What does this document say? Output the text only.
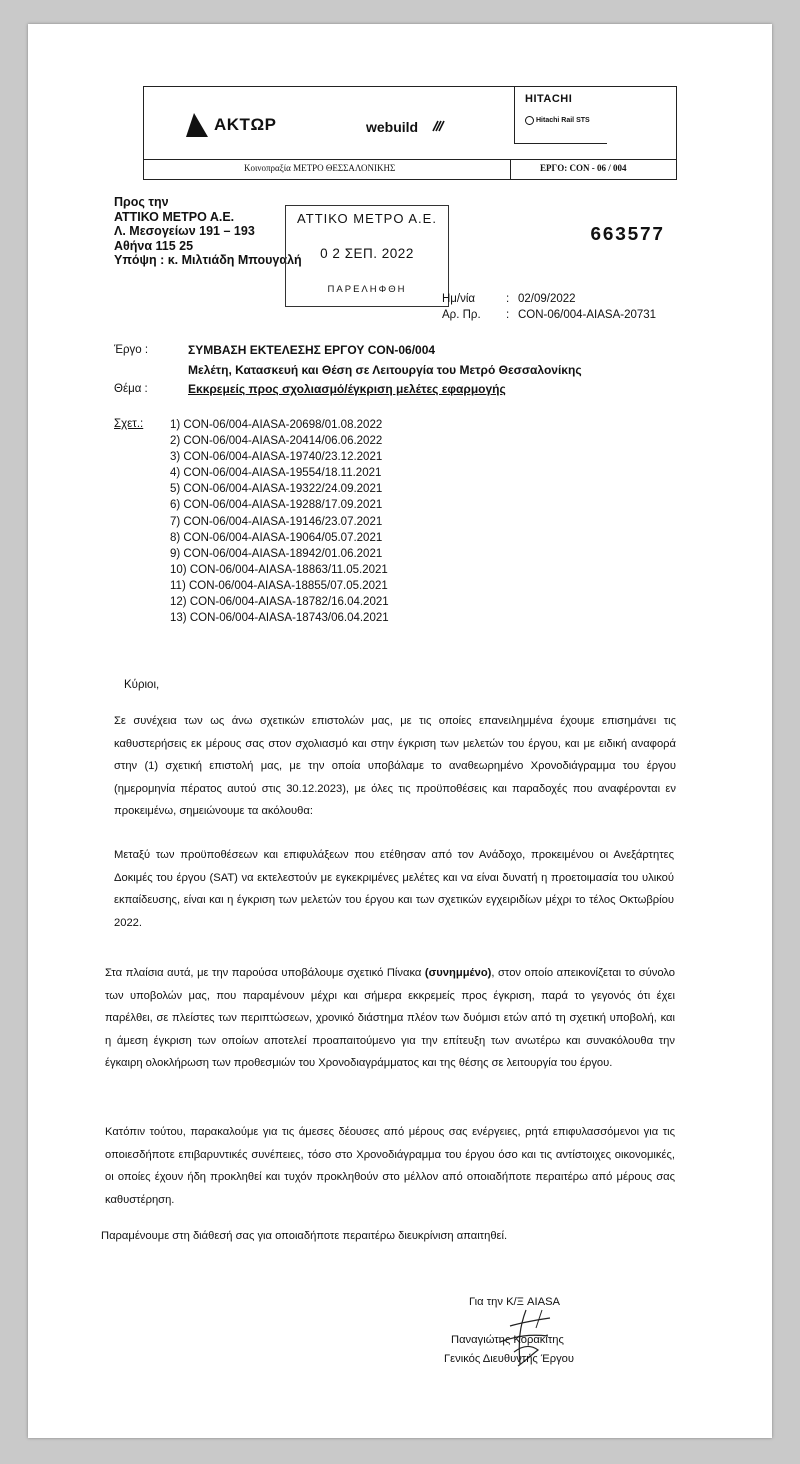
AKTΩP	webuild
HITACHI
Hitachi Rail STS
Κοινοπραξία ΜΕΤΡΟ ΘΕΣΣΑΛΟΝΙΚΗΣ	ΕΡΓΟ: CON - 06 / 004
Προς την
ΑΤΤΙΚΟ ΜΕΤΡΟ Α.Ε.
Λ. Μεσογείων 191 – 193
Αθήνα 115 25
Υπόψη : κ. Μιλτιάδη Μπουγαλή
ΑΤΤΙΚΟ ΜΕΤΡΟ Α.Ε.
0 2 ΣΕΠ. 2022
ΠΑΡΕΛΗΦΘΗ
663577
Ημ/νία	: 02/09/2022
Αρ. Πρ.	: CON-06/004-AIASA-20731
Έργο :	ΣΥΜΒΑΣΗ ΕΚΤΕΛΕΣΗΣ ΕΡΓΟΥ CON-06/004
Μελέτη, Κατασκευή και Θέση σε Λειτουργία του Μετρό Θεσσαλονίκης
Θέμα :	Εκκρεμείς προς σχολιασμό/έγκριση μελέτες εφαρμογής
Σχετ.: 1) CON-06/004-AIASA-20698/01.08.2022
2) CON-06/004-AIASA-20414/06.06.2022
3) CON-06/004-AIASA-19740/23.12.2021
4) CON-06/004-AIASA-19554/18.11.2021
5) CON-06/004-AIASA-19322/24.09.2021
6) CON-06/004-AIASA-19288/17.09.2021
7) CON-06/004-AIASA-19146/23.07.2021
8) CON-06/004-AIASA-19064/05.07.2021
9) CON-06/004-AIASA-18942/01.06.2021
10) CON-06/004-AIASA-18863/11.05.2021
11) CON-06/004-AIASA-18855/07.05.2021
12) CON-06/004-AIASA-18782/16.04.2021
13) CON-06/004-AIASA-18743/06.04.2021
Κύριοι,
Σε συνέχεια των ως άνω σχετικών επιστολών μας, με τις οποίες επανειλημμένα έχουμε επισημάνει τις καθυστερήσεις εκ μέρους σας στον σχολιασμό και στην έγκριση των μελετών του έργου, και με ειδική αναφορά στην (1) σχετική επιστολή μας, με την οποία υποβάλαμε το αναθεωρημένο Χρονοδιάγραμμα του έργου (ημερομηνία πέρατος αυτού στις 30.12.2023), με όλες τις προϋποθέσεις και παραδοχές που αναφέρονται εν προκειμένω, σημειώνουμε τα ακόλουθα:
Μεταξύ των προϋποθέσεων και επιφυλάξεων που ετέθησαν από τον Ανάδοχο, προκειμένου οι Ανεξάρτητες Δοκιμές του έργου (SAT) να εκτελεστούν με εγκεκριμένες μελέτες και να είναι δυνατή η προετοιμασία του υλικού εκπαίδευσης, είναι και η έγκριση των μελετών του έργου και των σχετικών εγχειριδίων μέχρι το τέλος Οκτωβρίου 2022.
Στα πλαίσια αυτά, με την παρούσα υποβάλουμε σχετικό Πίνακα (συνημμένο), στον οποίο απεικονίζεται το σύνολο των υποβολών μας, που παραμένουν μέχρι και σήμερα εκκρεμείς προς έγκριση, παρά το γεγονός ότι έχει παρέλθει, σε πλείστες των περιπτώσεων, χρονικό διάστημα πλέον των δυόμισι ετών από τη σχετική υποβολή, και η άμεση έγκριση των οποίων αποτελεί προαπαιτούμενο για την επίτευξη των ανωτέρω και συνακόλουθα την έγκαιρη ολοκλήρωση των προθεσμιών του Χρονοδιαγράμματος και της θέσης σε λειτουργία του έργου.
Κατόπιν τούτου, παρακαλούμε για τις άμεσες δέουσες από μέρους σας ενέργειες, ρητά επιφυλασσόμενοι για τις οποιεσδήποτε επιβαρυντικές συνέπειες, τόσο στο Χρονοδιάγραμμα του έργου όσο και τις αντίστοιχες οικονομικές, οι οποίες έχουν ήδη προκληθεί και τυχόν προκληθούν στο μέλλον από οποιαδήποτε περαιτέρω από μέρους σας καθυστέρηση.
Παραμένουμε στη διάθεσή σας για οποιαδήποτε περαιτέρω διευκρίνιση απαιτηθεί.
Για την Κ/Ξ AIASA
Παναγιώτης Κορακίτης
Γενικός Διευθυντής Έργου
